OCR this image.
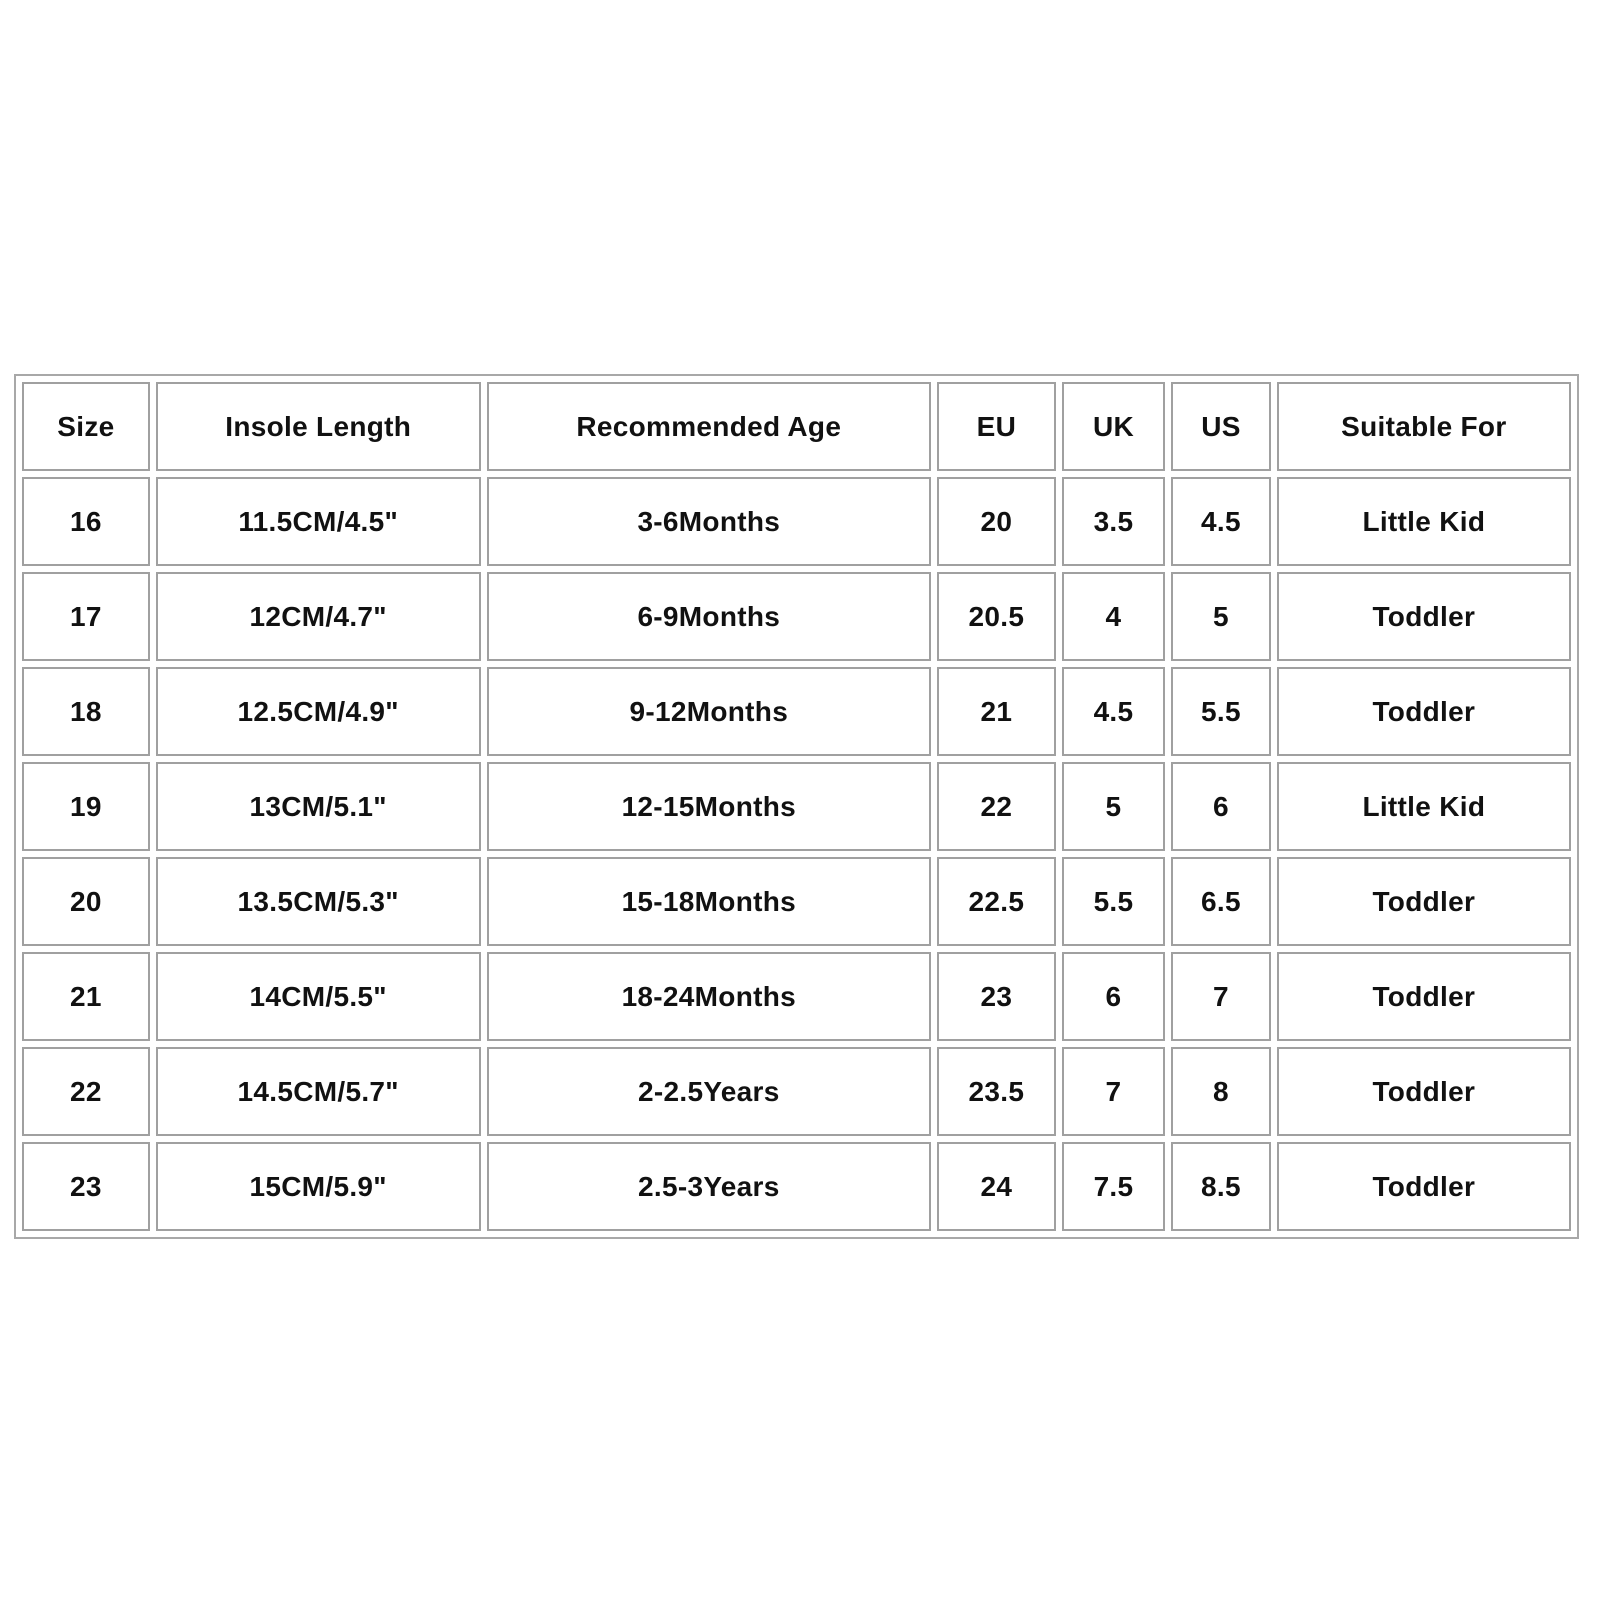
Size	Insole Length	Recommended Age	EU	UK	US	Suitable For
16	11.5CM/4.5"	3-6Months	20	3.5	4.5	Little Kid
17	12CM/4.7"	6-9Months	20.5	4	5	Toddler
18	12.5CM/4.9"	9-12Months	21	4.5	5.5	Toddler
19	13CM/5.1"	12-15Months	22	5	6	Little Kid
20	13.5CM/5.3"	15-18Months	22.5	5.5	6.5	Toddler
21	14CM/5.5"	18-24Months	23	6	7	Toddler
22	14.5CM/5.7"	2-2.5Years	23.5	7	8	Toddler
23	15CM/5.9"	2.5-3Years	24	7.5	8.5	Toddler
